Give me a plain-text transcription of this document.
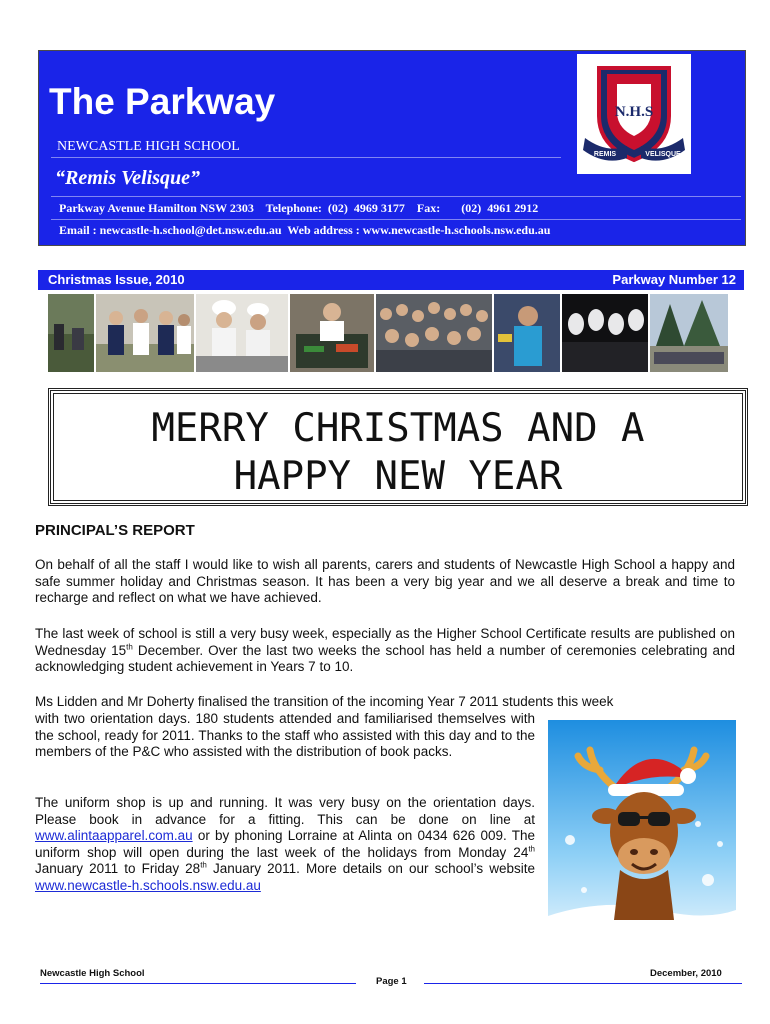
The Parkway
NEWCASTLE HIGH SCHOOL
“Remis Velisque”
Parkway Avenue Hamilton NSW 2303    Telephone:  (02)  4969 3177    Fax:       (02)  4961 2912
Email : newcastle-h.school@det.nsw.edu.au  Web address : www.newcastle-h.schools.nsw.edu.au
N.H.S
REMIS	VELISQUE
Christmas Issue, 2010	Parkway Number 12
MERRY CHRISTMAS AND A
HAPPY NEW YEAR
PRINCIPAL’S REPORT
On behalf of all the staff I would like to wish all parents, carers and students of Newcastle High School a happy and safe summer holiday and Christmas season. It has been a very big year and we all deserve a break and time to recharge and reflect on what we have achieved.
The last week of school is still a very busy week, especially as the Higher School Certificate results are published on Wednesday 15th December. Over the last two weeks the school has held a number of ceremonies celebrating and acknowledging student achievement in Years 7 to 10.
Ms Lidden and Mr Doherty finalised the transition of the incoming Year 7 2011 students this week
with two orientation days. 180 students attended and familiarised themselves with the school, ready for 2011. Thanks to the staff who assisted with this day and to the members of the P&C who assisted with the distribution of book packs.
The uniform shop is up and running. It was very busy on the orientation days. Please book in advance for a fitting. This can be done on line at www.alintaapparel.com.au or by phoning Lorraine at Alinta on 0434 626 009. The uniform shop will open during the last week of the holidays from Monday 24th January 2011 to Friday 28th January 2011. More details on our school’s website www.newcastle-h.schools.nsw.edu.au
Newcastle High School
Page 1
December, 2010
